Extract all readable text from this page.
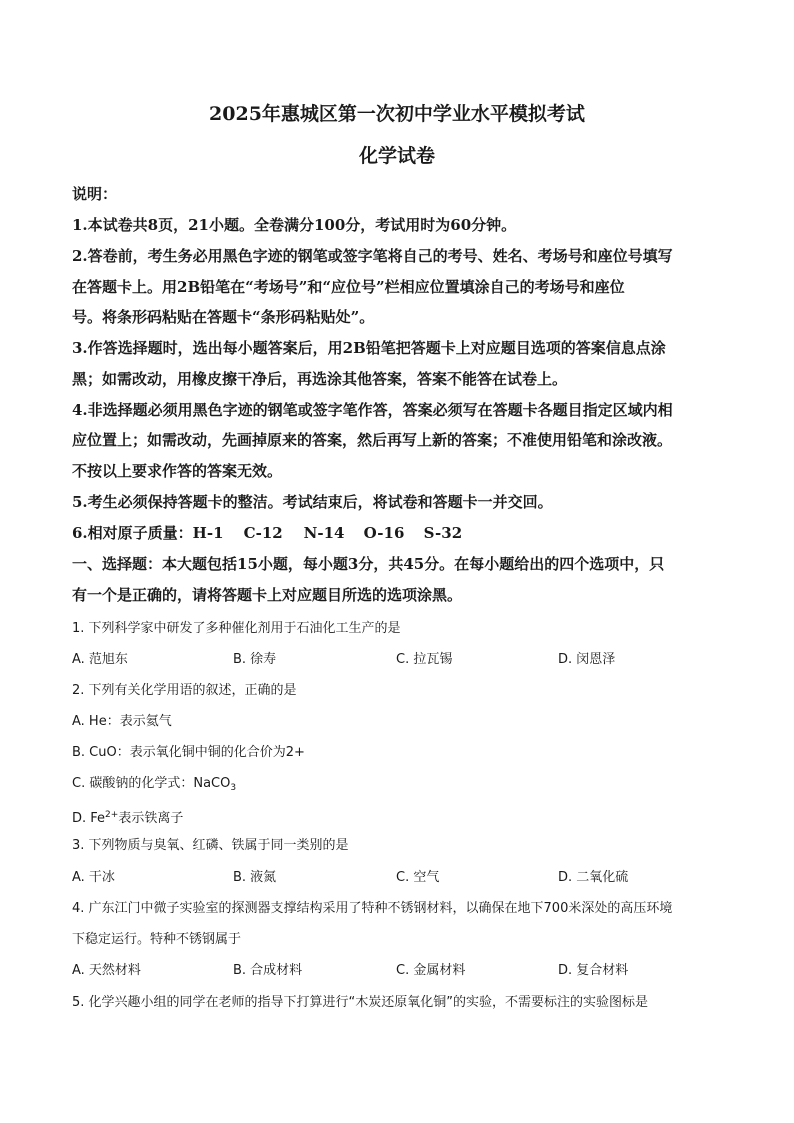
2025年惠城区第一次初中学业水平模拟考试
化学试卷
说明：
1.本试卷共8页，21小题。全卷满分100分，考试用时为60分钟。
2.答卷前，考生务必用黑色字迹的钢笔或签字笔将自己的考号、姓名、考场号和座位号填写
在答题卡上。用2B铅笔在“考场号”和“应位号”栏相应位置填涂自己的考场号和座位
号。将条形码粘贴在答题卡“条形码粘贴处”。
3.作答选择题时，选出每小题答案后，用2B铅笔把答题卡上对应题目选项的答案信息点涂
黑；如需改动，用橡皮擦干净后，再选涂其他答案，答案不能答在试卷上。
4.非选择题必须用黑色字迹的钢笔或签字笔作答，答案必须写在答题卡各题目指定区域内相
应位置上；如需改动，先画掉原来的答案，然后再写上新的答案；不准使用铅笔和涂改液。
不按以上要求作答的答案无效。
5.考生必须保持答题卡的整洁。考试结束后，将试卷和答题卡一并交回。
6.相对原子质量：H-1 C-12 N-14 O-16 S-32
一、选择题：本大题包括15小题，每小题3分，共45分。在每小题给出的四个选项中，只
有一个是正确的，请将答题卡上对应题目所选的选项涂黑。
1. 下列科学家中研发了多种催化剂用于石油化工生产的是
A. 范旭东	B. 徐寿	C. 拉瓦锡	D. 闵恩泽
2. 下列有关化学用语的叙述，正确的是
A. He：表示氦气
B. CuO：表示氧化铜中铜的化合价为2+
C. 碳酸钠的化学式：NaCO$_3$
D. $Fe^{2+}$表示铁离子
3. 下列物质与臭氧、红磷、铁属于同一类别的是
A. 干冰	B. 液氮	C. 空气	D. 二氧化硫
4. 广东江门中微子实验室的探测器支撑结构采用了特种不锈钢材料，以确保在地下700米深处的高压环境
下稳定运行。特种不锈钢属于
A. 天然材料	B. 合成材料	C. 金属材料	D. 复合材料
5. 化学兴趣小组的同学在老师的指导下打算进行“木炭还原氧化铜”的实验，不需要标注的实验图标是
